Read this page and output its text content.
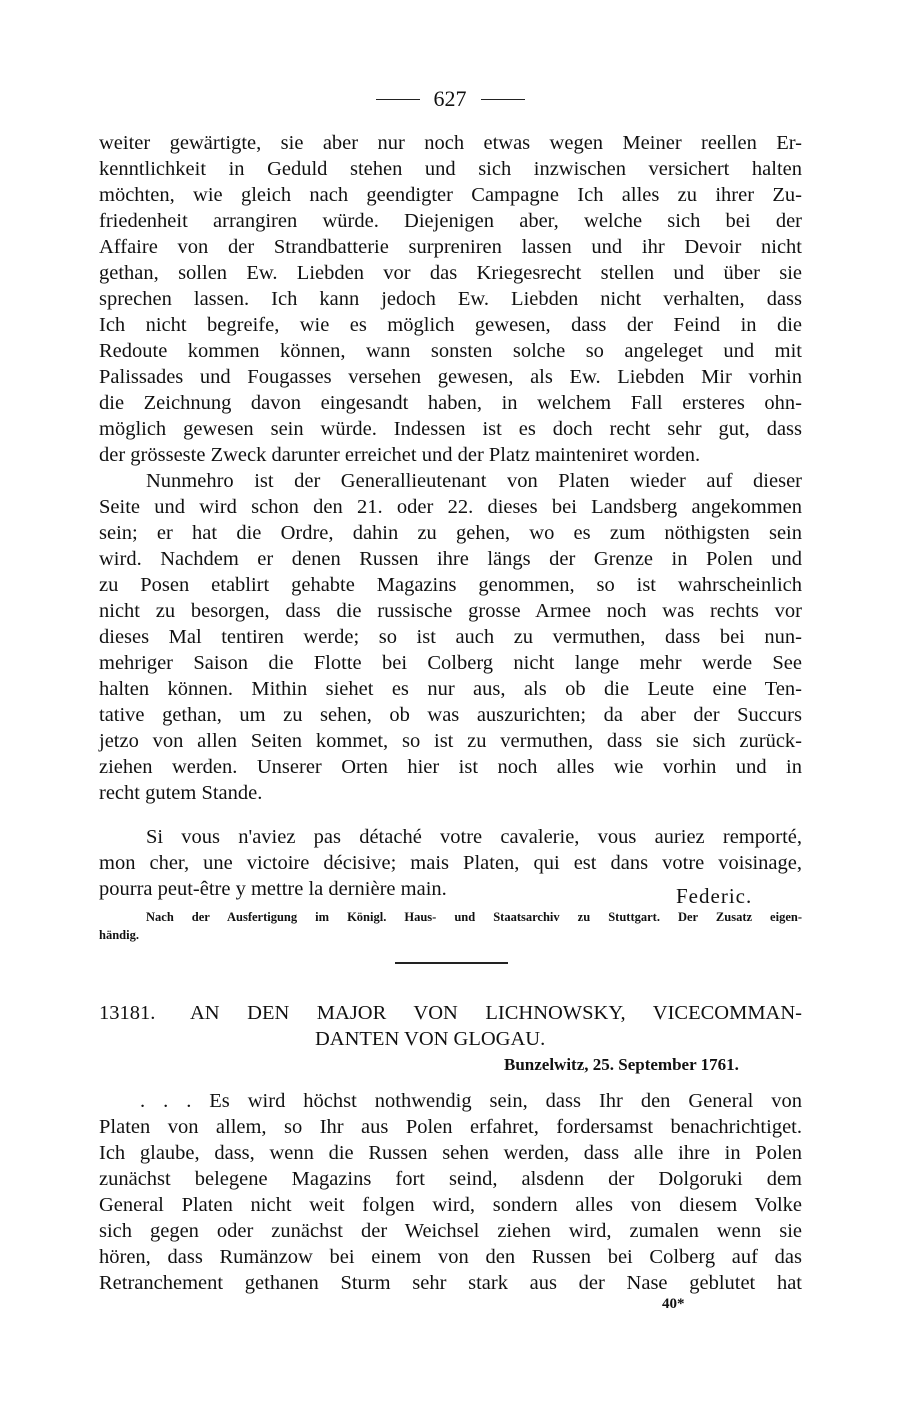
627
weiter gewärtigte, sie aber nur noch etwas wegen Meiner reellen Er-
kenntlichkeit in Geduld stehen und sich inzwischen versichert halten
möchten, wie gleich nach geendigter Campagne Ich alles zu ihrer Zu-
friedenheit arrangiren würde. Diejenigen aber, welche sich bei der
Affaire von der Strandbatterie surpreniren lassen und ihr Devoir nicht
gethan, sollen Ew. Liebden vor das Kriegesrecht stellen und über sie
sprechen lassen. Ich kann jedoch Ew. Liebden nicht verhalten, dass
Ich nicht begreife, wie es möglich gewesen, dass der Feind in die
Redoute kommen können, wann sonsten solche so angeleget und mit
Palissades und Fougasses versehen gewesen, als Ew. Liebden Mir vorhin
die Zeichnung davon eingesandt haben, in welchem Fall ersteres ohn-
möglich gewesen sein würde. Indessen ist es doch recht sehr gut, dass
der grösseste Zweck darunter erreichet und der Platz mainteniret worden.
Nunmehro ist der Generallieutenant von Platen wieder auf dieser
Seite und wird schon den 21. oder 22. dieses bei Landsberg angekommen
sein; er hat die Ordre, dahin zu gehen, wo es zum nöthigsten sein
wird. Nachdem er denen Russen ihre längs der Grenze in Polen und
zu Posen etablirt gehabte Magazins genommen, so ist wahrscheinlich
nicht zu besorgen, dass die russische grosse Armee noch was rechts vor
dieses Mal tentiren werde; so ist auch zu vermuthen, dass bei nun-
mehriger Saison die Flotte bei Colberg nicht lange mehr werde See
halten können. Mithin siehet es nur aus, als ob die Leute eine Ten-
tative gethan, um zu sehen, ob was auszurichten; da aber der Succurs
jetzo von allen Seiten kommet, so ist zu vermuthen, dass sie sich zurück-
ziehen werden. Unserer Orten hier ist noch alles wie vorhin und in
recht gutem Stande.
Si vous n'aviez pas détaché votre cavalerie, vous auriez remporté,
mon cher, une victoire décisive; mais Platen, qui est dans votre voisinage,
pourra peut-être y mettre la dernière main.	Federic.
Nach der Ausfertigung im Königl. Haus- und Staatsarchiv zu Stuttgart. Der Zusatz eigen-
händig.
13181. AN DEN MAJOR VON LICHNOWSKY, VICECOMMAN-
DANTEN VON GLOGAU.
Bunzelwitz, 25. September 1761.
. . . Es wird höchst nothwendig sein, dass Ihr den General von
Platen von allem, so Ihr aus Polen erfahret, fordersamst benachrichtiget.
Ich glaube, dass, wenn die Russen sehen werden, dass alle ihre in Polen
zunächst belegene Magazins fort seind, alsdenn der Dolgoruki dem
General Platen nicht weit folgen wird, sondern alles von diesem Volke
sich gegen oder zunächst der Weichsel ziehen wird, zumalen wenn sie
hören, dass Rumänzow bei einem von den Russen bei Colberg auf das
Retranchement gethanen Sturm sehr stark aus der Nase geblutet hat
40*
